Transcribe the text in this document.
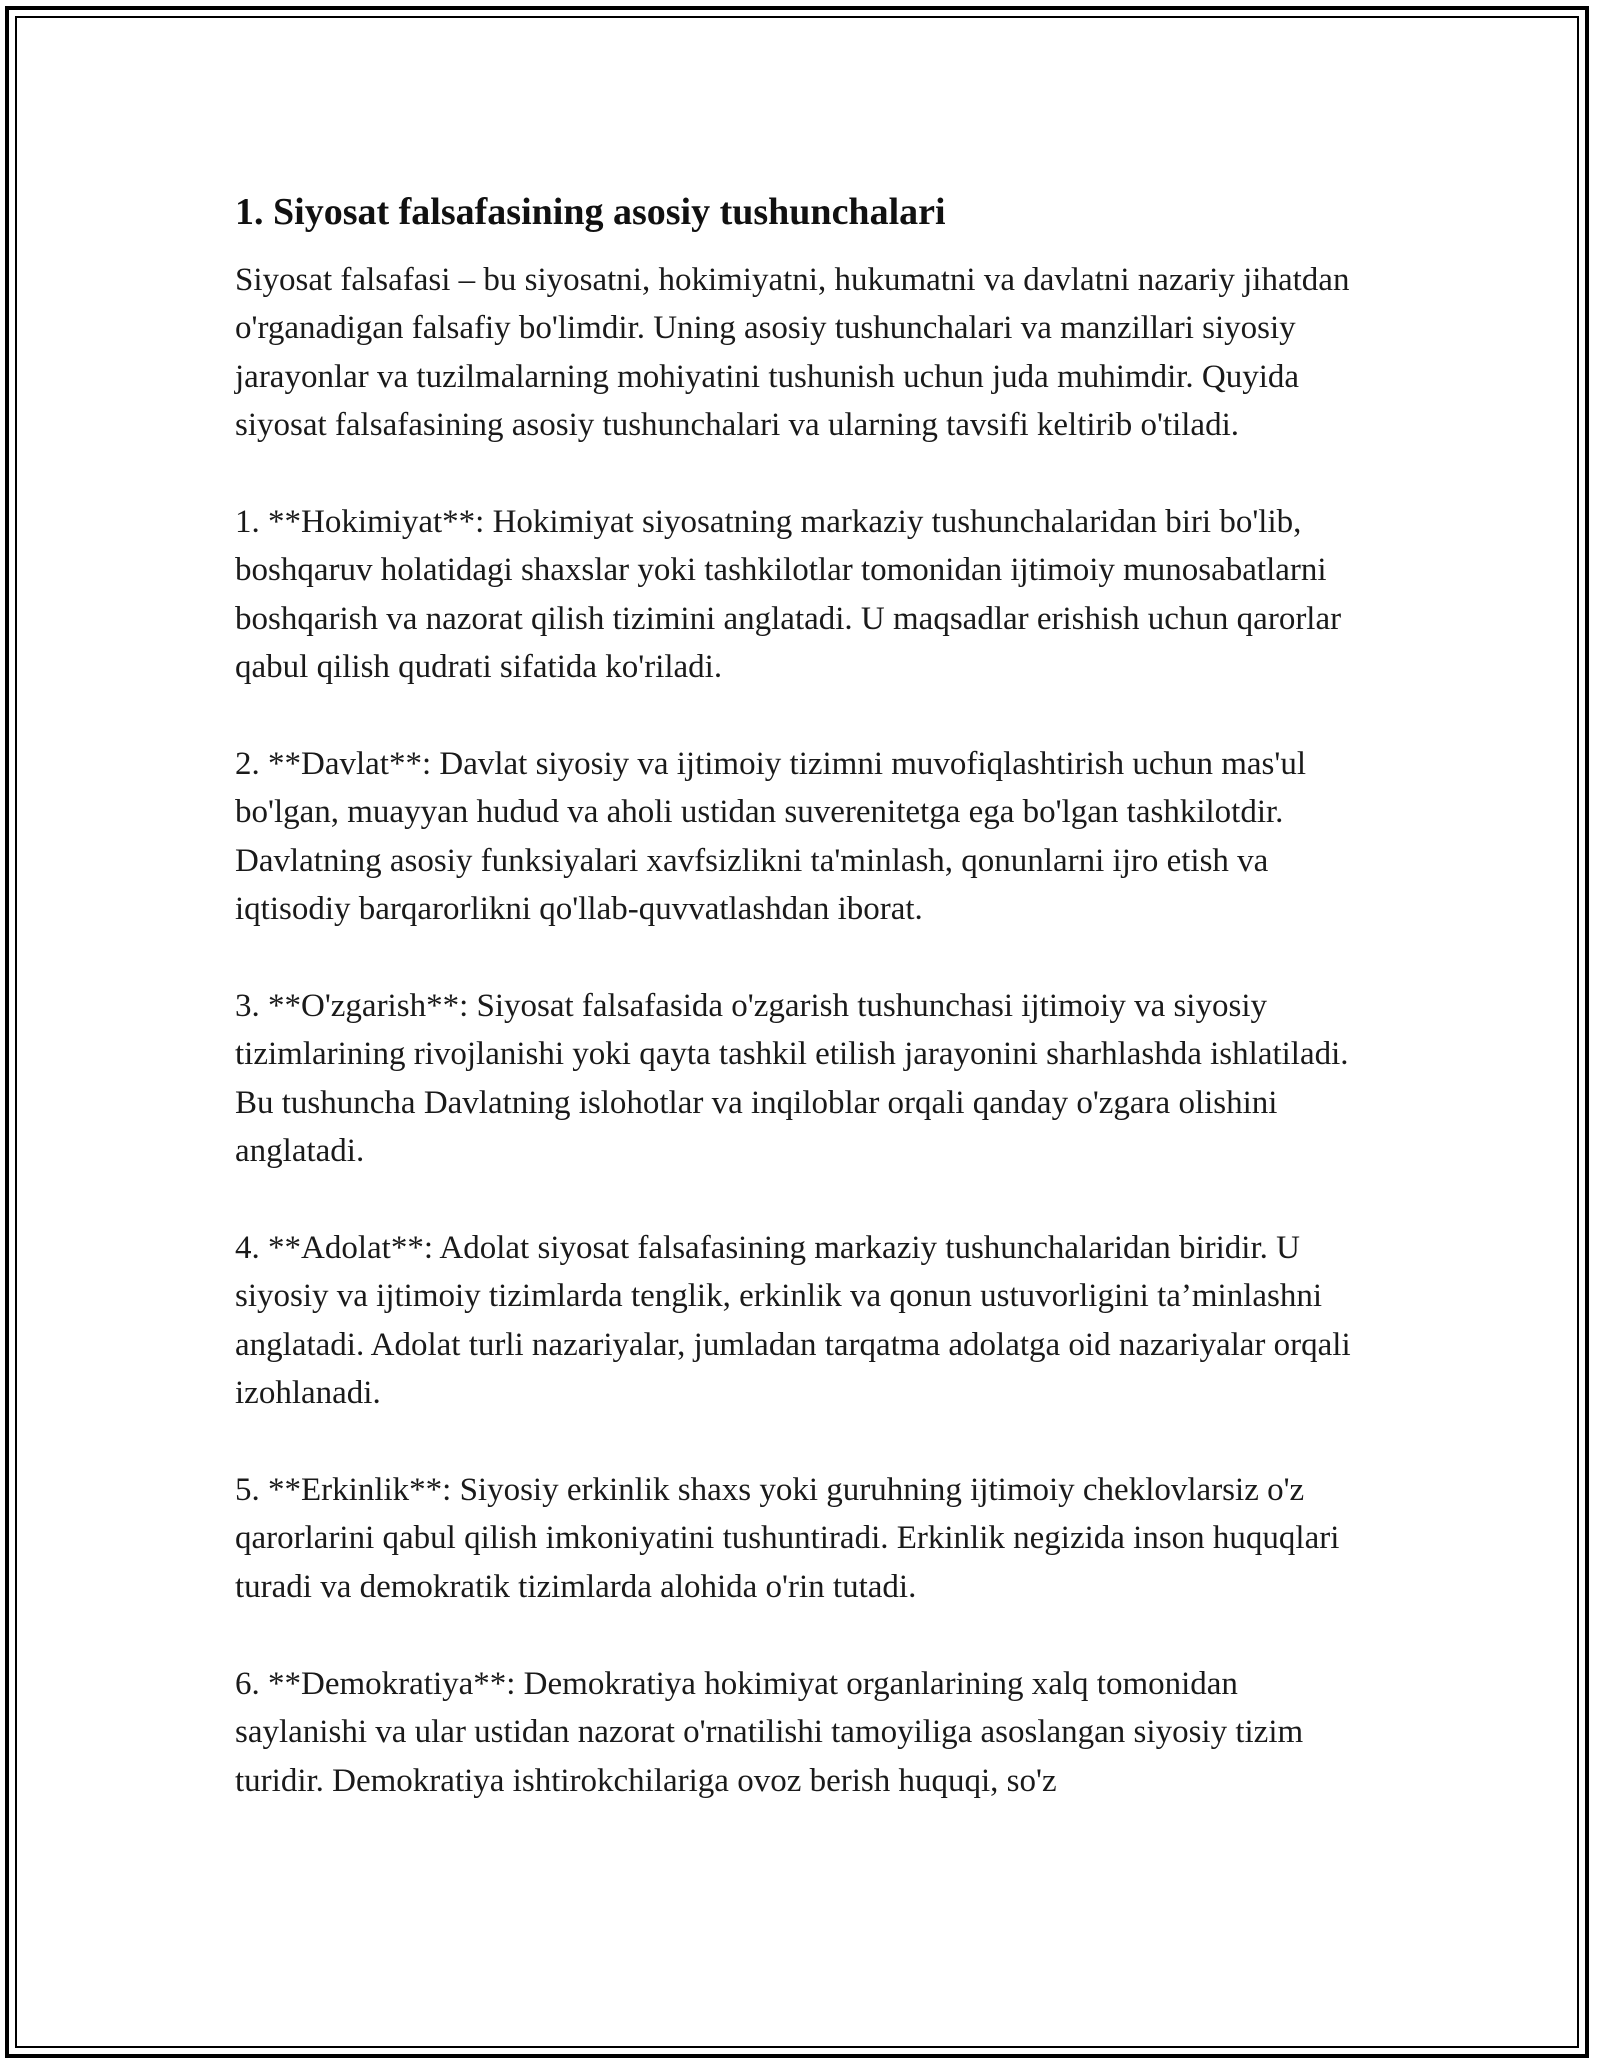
1. Siyosat falsafasining asosiy tushunchalari

Siyosat falsafasi – bu siyosatni, hokimiyatni, hukumatni va davlatni nazariy jihatdan o'rganadigan falsafiy bo'limdir. Uning asosiy tushunchalari va manzillari siyosiy jarayonlar va tuzilmalarning mohiyatini tushunish uchun juda muhimdir. Quyida siyosat falsafasining asosiy tushunchalari va ularning tavsifi keltirib o'tiladi.

1. **Hokimiyat**: Hokimiyat siyosatning markaziy tushunchalaridan biri bo'lib, boshqaruv holatidagi shaxslar yoki tashkilotlar tomonidan ijtimoiy munosabatlarni boshqarish va nazorat qilish tizimini anglatadi. U maqsadlar erishish uchun qarorlar qabul qilish qudrati sifatida ko'riladi.

2. **Davlat**: Davlat siyosiy va ijtimoiy tizimni muvofiqlashtirish uchun mas'ul bo'lgan, muayyan hudud va aholi ustidan suverenitetga ega bo'lgan tashkilotdir. Davlatning asosiy funksiyalari xavfsizlikni ta'minlash, qonunlarni ijro etish va iqtisodiy barqarorlikni qo'llab-quvvatlashdan iborat.

3. **O'zgarish**: Siyosat falsafasida o'zgarish tushunchasi ijtimoiy va siyosiy tizimlarining rivojlanishi yoki qayta tashkil etilish jarayonini sharhlashda ishlatiladi. Bu tushuncha Davlatning islohotlar va inqiloblar orqali qanday o'zgara olishini anglatadi.

4. **Adolat**: Adolat siyosat falsafasining markaziy tushunchalaridan biridir. U siyosiy va ijtimoiy tizimlarda tenglik, erkinlik va qonun ustuvorligini ta’minlashni anglatadi. Adolat turli nazariyalar, jumladan tarqatma adolatga oid nazariyalar orqali izohlanadi.

5. **Erkinlik**: Siyosiy erkinlik shaxs yoki guruhning ijtimoiy cheklovlarsiz o'z qarorlarini qabul qilish imkoniyatini tushuntiradi. Erkinlik negizida inson huquqlari turadi va demokratik tizimlarda alohida o'rin tutadi.

6. **Demokratiya**: Demokratiya hokimiyat organlarining xalq tomonidan saylanishi va ular ustidan nazorat o'rnatilishi tamoyiliga asoslangan siyosiy tizim turidir. Demokratiya ishtirokchilariga ovoz berish huquqi, so'z
